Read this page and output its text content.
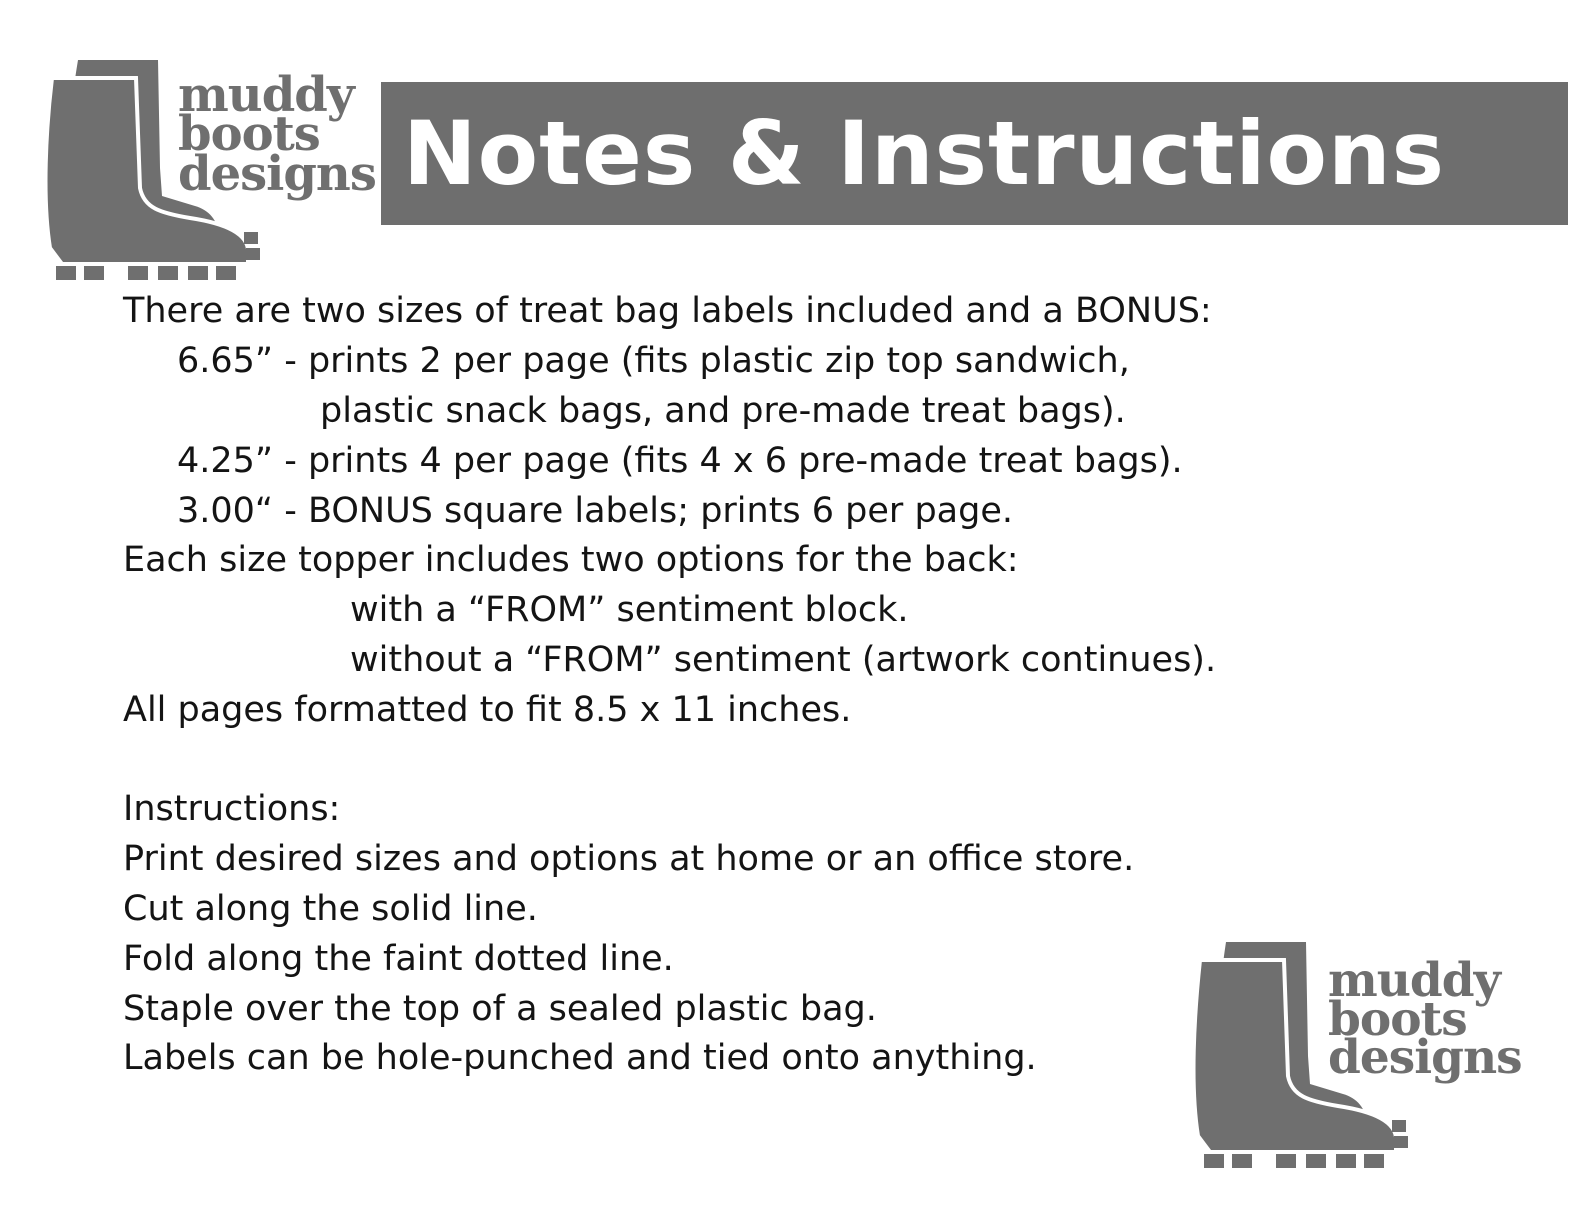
muddy
boots
designs Notes & Instructions
There are two sizes of treat bag labels included and a BONUS:
6.65” - prints 2 per page (fits plastic zip top sandwich,
plastic snack bags, and pre-made treat bags).
4.25” - prints 4 per page (fits 4 x 6 pre-made treat bags).
3.00“ - BONUS square labels; prints 6 per page.
Each size topper includes two options for the back:
with a “FROM” sentiment block.
without a “FROM” sentiment (artwork continues).
All pages formatted to fit 8.5 x 11 inches.
Instructions:
Print desired sizes and options at home or an office store.
Cut along the solid line.
Fold along the faint dotted line.
Staple over the top of a sealed plastic bag.
Labels can be hole-punched and tied onto anything.
muddy
boots
designs
